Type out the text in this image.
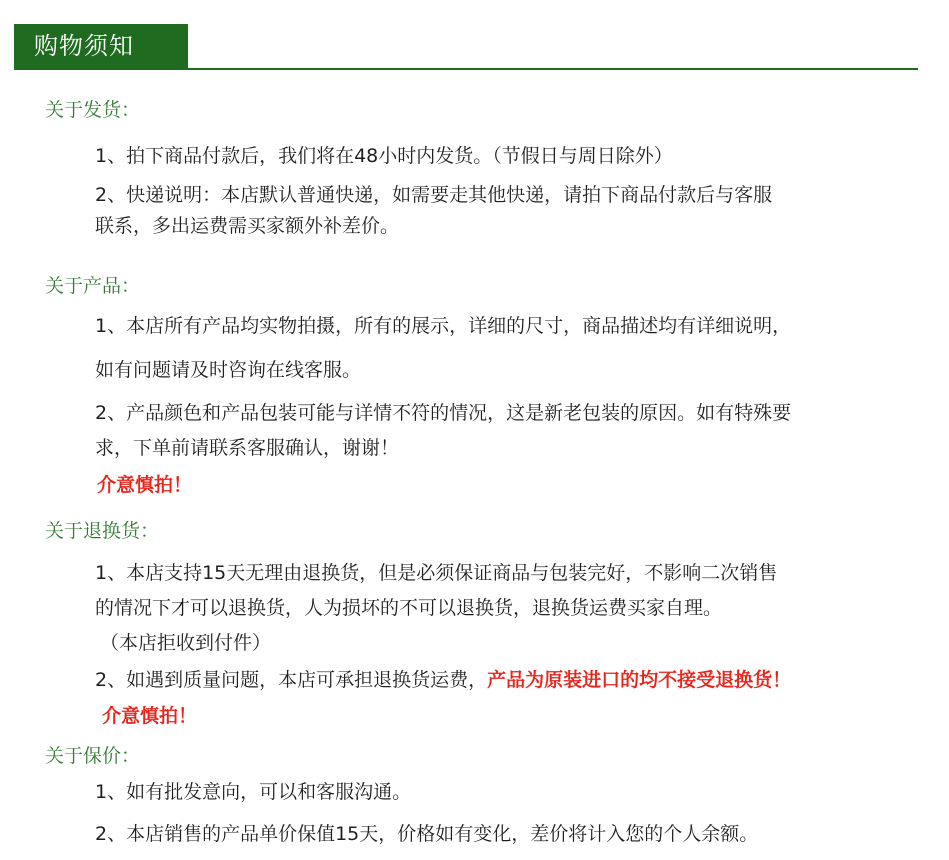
购物须知
关于发货：
1、拍下商品付款后，我们将在48小时内发货。（节假日与周日除外）
2、快递说明：本店默认普通快递，如需要走其他快递，请拍下商品付款后与客服
联系，多出运费需买家额外补差价。
关于产品：
1、本店所有产品均实物拍摄，所有的展示，详细的尺寸，商品描述均有详细说明，
如有问题请及时咨询在线客服。
2、产品颜色和产品包装可能与详情不符的情况，这是新老包装的原因。如有特殊要
求，下单前请联系客服确认，谢谢！
介意慎拍！
关于退换货：
1、本店支持15天无理由退换货，但是必须保证商品与包装完好，不影响二次销售
的情况下才可以退换货，人为损坏的不可以退换货，退换货运费买家自理。
（本店拒收到付件）
2、如遇到质量问题，本店可承担退换货运费，产品为原装进口的均不接受退换货！
介意慎拍！
关于保价：
1、如有批发意向，可以和客服沟通。
2、本店销售的产品单价保值15天，价格如有变化，差价将计入您的个人余额。
